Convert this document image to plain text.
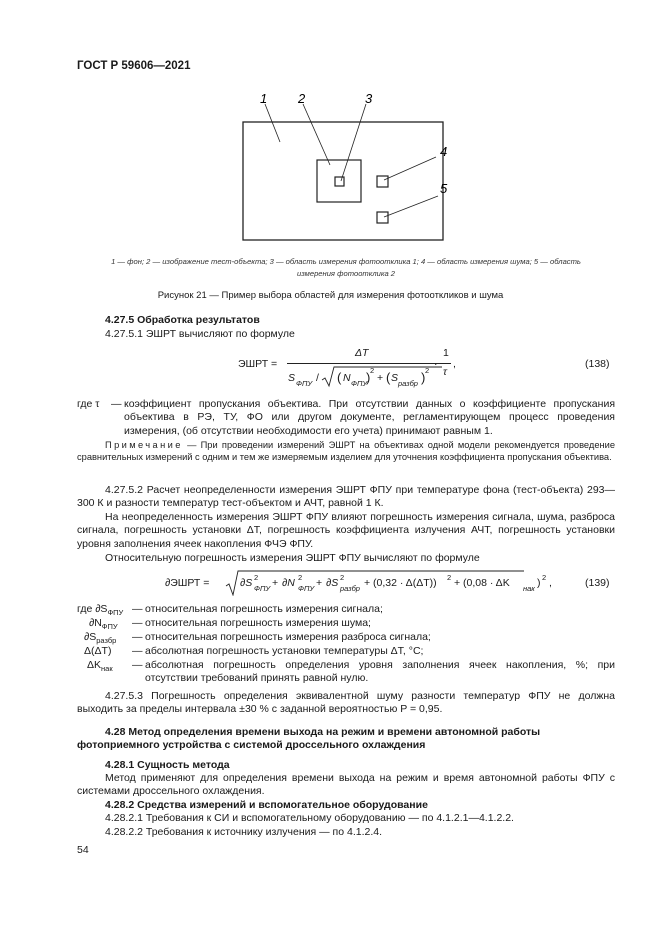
ГОСТ Р 59606—2021
1 2	3
4
5
1 — фон; 2 — изображение тест-объекта; 3 — область измерения фотоотклика 1; 4 — область измерения шума; 5 — область
измерения фотоотклика 2
Рисунок 21 — Пример выбора областей для измерения фотооткликов и шума
4.27.5 Обработка результатов
4.27.5.1 ЭШРТ вычисляют по формуле
ЭШРТ =
ΔT
S ФПУ / ( N ФПУ
) 2
+ ( S разбр ) 2
·
1
τ
,	(138)
где τ — коэффициент пропускания объектива. При отсутствии данных о коэффициенте пропускания объектива в РЭ, ТУ, ФО или другом документе, регламентирующем процесс проведения измерения, (об отсутствии необходимости его учета) принимают равным 1.
Примечание — При проведении измерений ЭШРТ на объективах одной модели рекомендуется проведение сравнительных измерений с одним и тем же измеряемым изделием для уточнения коэффициента пропускания объектива.
4.27.5.2 Расчет неопределенности измерения ЭШРТ ФПУ при температуре фона (тест-объекта) 293—300 К и разности температур тест-объектом и АЧТ, равной 1 К.
На неопределенность измерения ЭШРТ ФПУ влияют погрешность измерения сигнала, шума, разброса сигнала, погрешность установки ΔТ, погрешность коэффициента излучения АЧТ, погрешность установки уровня заполнения ячеек накопления ФЧЭ ФПУ.
Относительную погрешность измерения ЭШРТ ФПУ вычисляют по формуле
∂ЭШРТ =	∂S 2
ФПУ + ∂N 2
ФПУ + ∂S 2
разбр + (0,32 · Δ(ΔT)) 2 + (0,08 · ΔK нак ) 2 ,	(139)
где $\partial S_{ФПУ}$ — относительная погрешность измерения сигнала;
$\partial N_{ФПУ}$ — относительная погрешность измерения шума;
$\partial S_{разбр}$ — относительная погрешность измерения разброса сигнала;
Δ(ΔT) — абсолютная погрешность установки температуры ΔT, °С;
$\Delta K_{нак}$ — абсолютная погрешность определения уровня заполнения ячеек накопления, %; при отсутствии требований принять равной нулю.
4.27.5.3 Погрешность определения эквивалентной шуму разности температур ФПУ не должна выходить за пределы интервала ±30 % с заданной вероятностью P = 0,95.
4.28 Метод определения времени выхода на режим и времени автономной работы
фотоприемного устройства с системой дроссельного охлаждения
4.28.1 Сущность метода
Метод применяют для определения времени выхода на режим и время автономной работы ФПУ с системами дроссельного охлаждения.
4.28.2 Средства измерений и вспомогательное оборудование
4.28.2.1 Требования к СИ и вспомогательному оборудованию — по 4.1.2.1—4.1.2.2.
4.28.2.2 Требования к источнику излучения — по 4.1.2.4.
54
